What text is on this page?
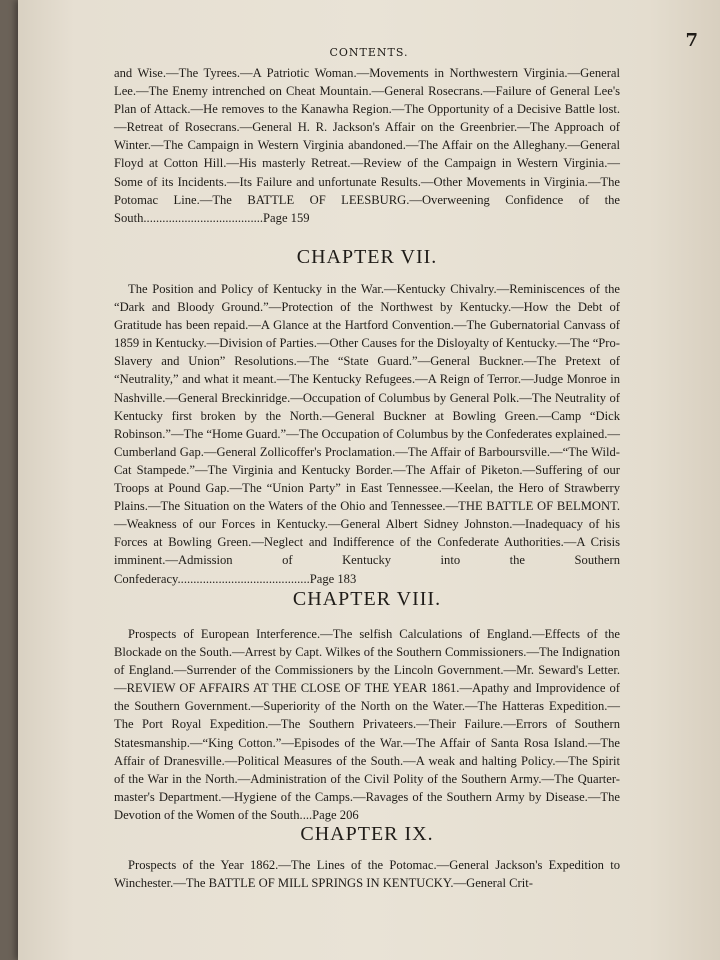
CONTENTS.
7

and Wise.—The Tyrees.—A Patriotic Woman.—Movements in Northwestern Virginia.—General Lee.—The Enemy intrenched on Cheat Mountain.—General Rosecrans.—Failure of General Lee's Plan of Attack.—He removes to the Kanawha Region.—The Opportunity of a Decisive Battle lost.—Retreat of Rosecrans.—General H. R. Jackson's Affair on the Greenbrier.—The Approach of Winter.—The Campaign in Western Virginia abandoned.—The Affair on the Alleghany.—General Floyd at Cotton Hill.—His masterly Retreat.—Review of the Campaign in Western Virginia.—Some of its Incidents.—Its Failure and unfortunate Results.—Other Movements in Virginia.—The Potomac Line.—The BATTLE OF LEESBURG.—Overweening Confidence of the South......................................Page 159

CHAPTER VII.

The Position and Policy of Kentucky in the War.—Kentucky Chivalry.—Reminiscences of the “Dark and Bloody Ground.”—Protection of the Northwest by Kentucky.—How the Debt of Gratitude has been repaid.—A Glance at the Hartford Convention.—The Gubernatorial Canvass of 1859 in Kentucky.—Division of Parties.—Other Causes for the Disloyalty of Kentucky.—The “Pro-Slavery and Union” Resolutions.—The “State Guard.”—General Buckner.—The Pretext of “Neutrality,” and what it meant.—The Kentucky Refugees.—A Reign of Terror.—Judge Monroe in Nashville.—General Breckinridge.—Occupation of Columbus by General Polk.—The Neutrality of Kentucky first broken by the North.—General Buckner at Bowling Green.—Camp “Dick Robinson.”—The “Home Guard.”—The Occupation of Columbus by the Confederates explained.—Cumberland Gap.—General Zollicoffer's Proclamation.—The Affair of Barboursville.—“The Wild-Cat Stampede.”—The Virginia and Kentucky Border.—The Affair of Piketon.—Suffering of our Troops at Pound Gap.—The “Union Party” in East Tennessee.—Keelan, the Hero of Strawberry Plains.—The Situation on the Waters of the Ohio and Tennessee.—THE BATTLE OF BELMONT.—Weakness of our Forces in Kentucky.—General Albert Sidney Johnston.—Inadequacy of his Forces at Bowling Green.—Neglect and Indifference of the Confederate Authorities.—A Crisis imminent.—Admission of Kentucky into the Southern Confederacy..........................................Page 183

CHAPTER VIII.

Prospects of European Interference.—The selfish Calculations of England.—Effects of the Blockade on the South.—Arrest by Capt. Wilkes of the Southern Commissioners.—The Indignation of England.—Surrender of the Commissioners by the Lincoln Government.—Mr. Seward's Letter.—REVIEW OF AFFAIRS AT THE CLOSE OF THE YEAR 1861.—Apathy and Improvidence of the Southern Government.—Superiority of the North on the Water.—The Hatteras Expedition.—The Port Royal Expedition.—The Southern Privateers.—Their Failure.—Errors of Southern Statesmanship.—“King Cotton.”—Episodes of the War.—The Affair of Santa Rosa Island.—The Affair of Dranesville.—Political Measures of the South.—A weak and halting Policy.—The Spirit of the War in the North.—Administration of the Civil Polity of the Southern Army.—The Quarter-master's Department.—Hygiene of the Camps.—Ravages of the Southern Army by Disease.—The Devotion of the Women of the South....Page 206

CHAPTER IX.

Prospects of the Year 1862.—The Lines of the Potomac.—General Jackson's Expedition to Winchester.—The BATTLE OF MILL SPRINGS IN KENTUCKY.—General Crit-
